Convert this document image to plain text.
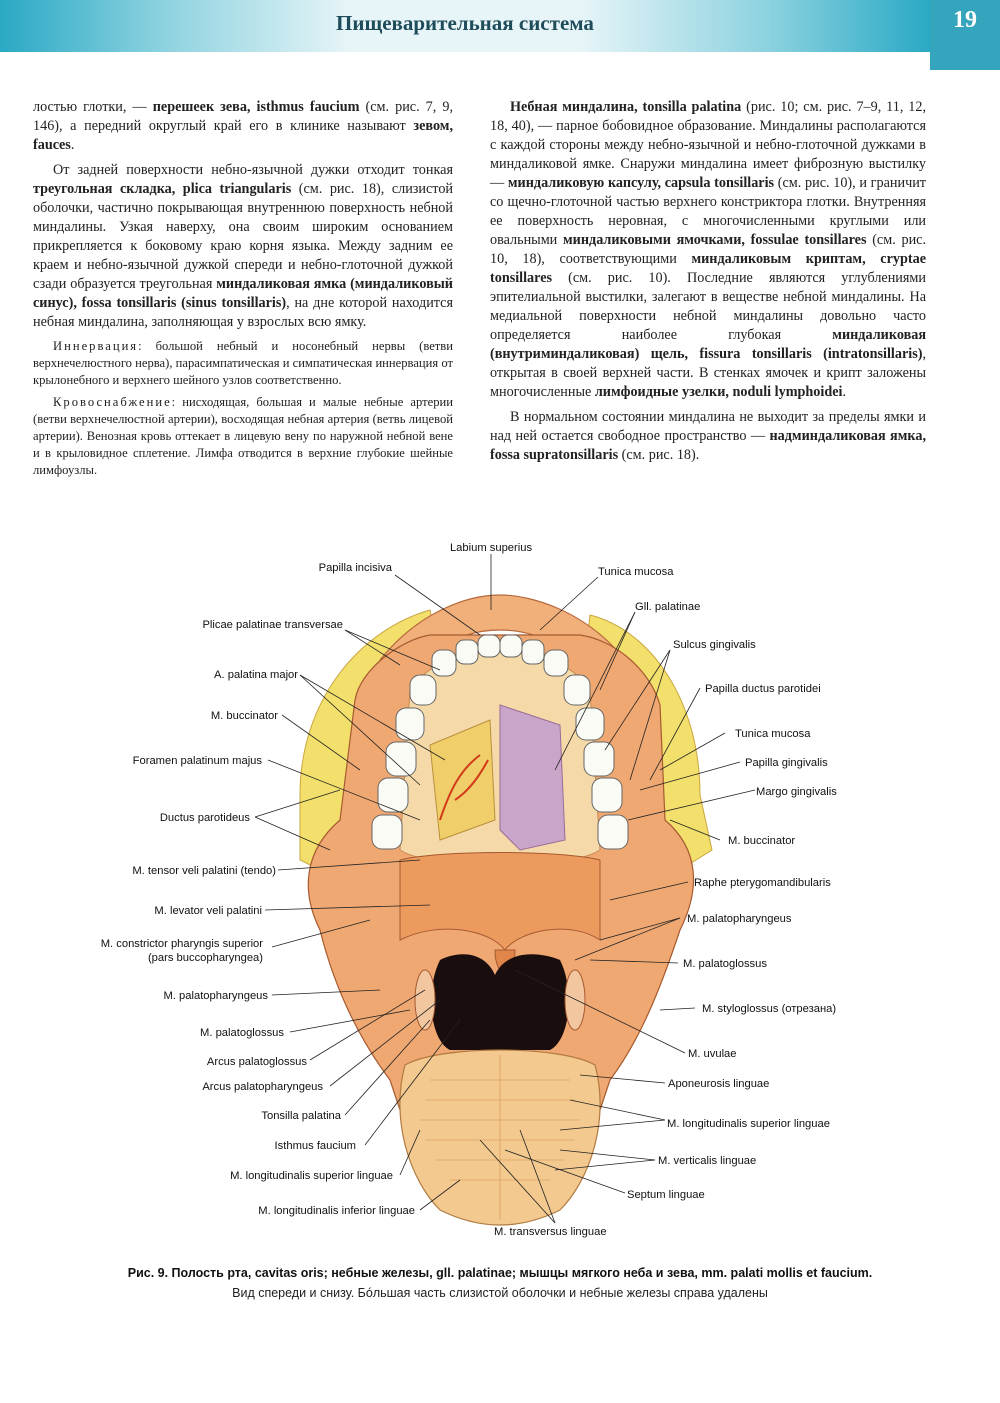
Пищеварительная система	19

лостью глотки, — перешеек зева, isthmus faucium (см. рис. 7, 9, 146), а передний округлый край его в клинике называют зевом, fauces.

От задней поверхности небно-язычной дужки отходит тонкая треугольная складка, plica triangularis (см. рис. 18), слизистой оболочки, частично покрывающая внутреннюю поверхность небной миндалины. Узкая наверху, она своим широким основанием прикрепляется к боковому краю корня языка. Между задним ее краем и небно-язычной дужкой спереди и небно-глоточной дужкой сзади образуется треугольная миндаликовая ямка (миндаликовый синус), fossa tonsillaris (sinus tonsillaris), на дне которой находится небная миндалина, заполняющая у взрослых всю ямку.

Иннервация: большой небный и носонебный нервы (ветви верхнечелюстного нерва), парасимпатическая и симпатическая иннервация от крылонебного и верхнего шейного узлов соответственно.

Кровоснабжение: нисходящая, большая и малые небные артерии (ветви верхнечелюстной артерии), восходящая небная артерия (ветвь лицевой артерии). Венозная кровь оттекает в лицевую вену по наружной небной вене и в крыловидное сплетение. Лимфа отводится в верхние глубокие шейные лимфоузлы.

Небная миндалина, tonsilla palatina (рис. 10; см. рис. 7–9, 11, 12, 18, 40), — парное бобовидное образование. Миндалины располагаются с каждой стороны между небно-язычной и небно-глоточной дужками в миндаликовой ямке. Снаружи миндалина имеет фиброзную выстилку — миндаликовую капсулу, capsula tonsillaris (см. рис. 10), и граничит со щечно-глоточной частью верхнего констриктора глотки. Внутренняя ее поверхность неровная, с многочисленными круглыми или овальными миндаликовыми ямочками, fossulae tonsillares (см. рис. 10, 18), соответствующими миндаликовым криптам, cryptae tonsillares (см. рис. 10). Последние являются углублениями эпителиальной выстилки, залегают в веществе небной миндалины. На медиальной поверхности небной миндалины довольно часто определяется наиболее глубокая миндаликовая (внутриминдаликовая) щель, fissura tonsillaris (intratonsillaris), открытая в своей верхней части. В стенках ямочек и крипт заложены многочисленные лимфоидные узелки, noduli lymphoidei.

В нормальном состоянии миндалина не выходит за пределы ямки и над ней остается свободное пространство — надминдаликовая ямка, fossa supratonsillaris (см. рис. 18).

Labium superius
Papilla incisiva	Tunica mucosa
Gll. palatinae
Plicae palatinae transversae
Sulcus gingivalis
A. palatina major
Papilla ductus parotidei
M. buccinator
Tunica mucosa
Foramen palatinum majus	Papilla gingivalis
Margo gingivalis
Ductus parotideus
M. buccinator
M. tensor veli palatini (tendo)
Raphe pterygomandibularis
M. levator veli palatini
M. palatopharyngeus
M. constrictor pharyngis superior
(pars buccopharyngea)	M. palatoglossus
M. palatopharyngeus
M. styloglossus (отрезана)
M. palatoglossus
Arcus palatoglossus
M. uvulae
Arcus palatopharyngeus	Aponeurosis linguae
Tonsilla palatina
M. longitudinalis superior linguae
Isthmus faucium
M. verticalis linguae
M. longitudinalis superior linguae
Septum linguae
M. longitudinalis inferior linguae
M. transversus linguae
Рис. 9. Полость рта, cavitas oris; небные железы, gll. palatinae; мышцы мягкого неба и зева, mm. palati mollis et faucium.
Вид спереди и снизу. Бóльшая часть слизистой оболочки и небные железы справа удалены
